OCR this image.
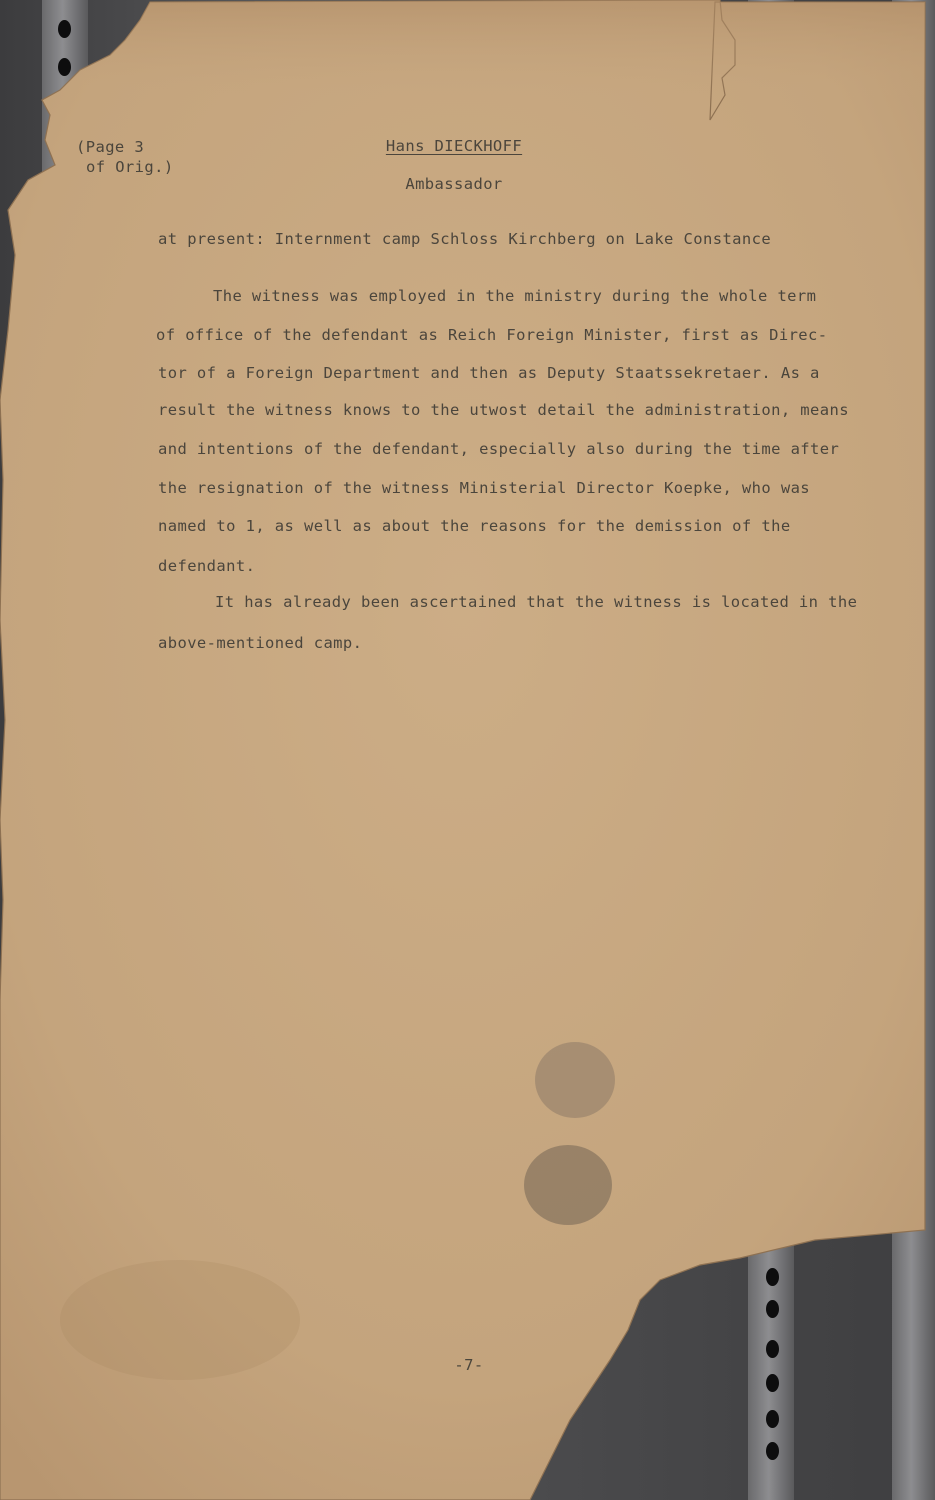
(Page 3

of Orig.)

Hans DIECKHOFF

Ambassador

at present: Internment camp Schloss Kirchberg on Lake Constance

The witness was employed in the ministry during the whole term

of office of the defendant as Reich Foreign Minister, first as Direc-

tor of a Foreign Department and then as Deputy Staatssekretaer. As a

result the witness knows to the utwost detail the administration, means

and intentions of the defendant, especially also during the time after

the resignation of the witness Ministerial Director Koepke, who was

named to 1, as well as about the reasons for the demission of the

defendant.

It has already been ascertained that the witness is located in the

above-mentioned camp.

-7-
